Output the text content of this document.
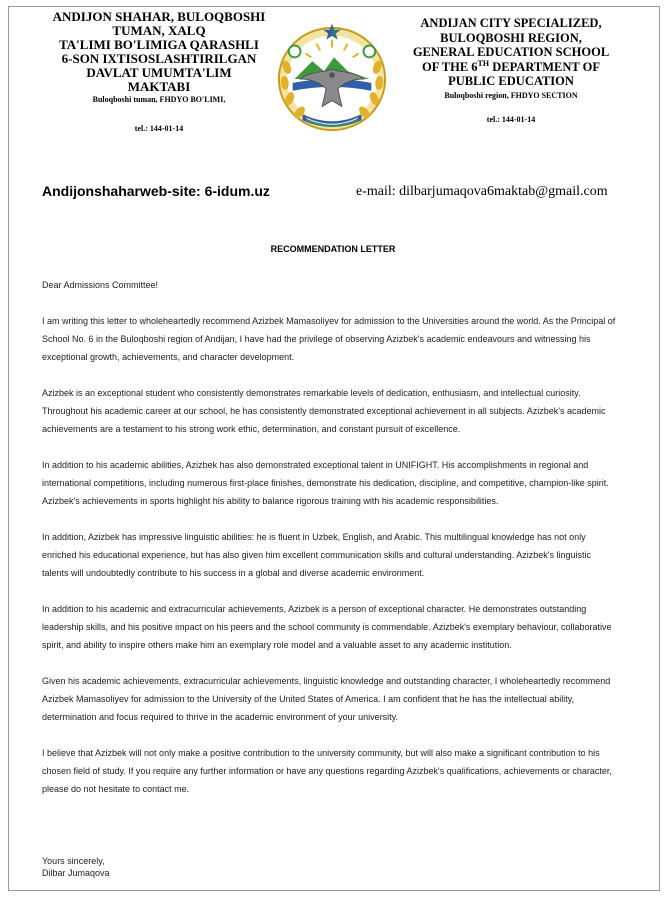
ANDIJON SHAHAR, BULOQBOSHI
TUMAN, XALQ
TA'LIMI BO'LIMIGA QARASHLI
6-SON IXTISOSLASHTIRILGAN
DAVLAT UMUMTA'LIM
MAKTABI
Buloqboshi tuman, FHDYO BO'LIMI,
tel.: 144-01-14
ANDIJAN CITY SPECIALIZED,
BULOQBOSHI REGION,
GENERAL EDUCATION SCHOOL
OF THE 6TH DEPARTMENT OF
PUBLIC EDUCATION
Buloqboshi region, FHDYO SECTION
tel.: 144-01-14
Andijonshaharweb-site: 6-idum.uz	e-mail: dilbarjumaqova6maktab@gmail.com
RECOMMENDATION LETTER

Dear Admissions Committee!

I am writing this letter to wholeheartedly recommend Azizbek Mamasoliyev for admission to the Universities around the world. As the Principal of School No. 6 in the Buloqboshi region of Andijan, I have had the privilege of observing Azizbek's academic endeavours and witnessing his exceptional growth, achievements, and character development.

Azizbek is an exceptional student who consistently demonstrates remarkable levels of dedication, enthusiasm, and intellectual curiosity. Throughout his academic career at our school, he has consistently demonstrated exceptional achievement in all subjects. Azizbek's academic achievements are a testament to his strong work ethic, determination, and constant pursuit of excellence.

In addition to his academic abilities, Azizbek has also demonstrated exceptional talent in UNIFIGHT. His accomplishments in regional and international competitions, including numerous first-place finishes, demonstrate his dedication, discipline, and competitive, champion-like spirit. Azizbek's achievements in sports highlight his ability to balance rigorous training with his academic responsibilities.

In addition, Azizbek has impressive linguistic abilities: he is fluent in Uzbek, English, and Arabic. This multilingual knowledge has not only enriched his educational experience, but has also given him excellent communication skills and cultural understanding. Azizbek's linguistic talents will undoubtedly contribute to his success in a global and diverse academic environment.

In addition to his academic and extracurricular achievements, Azizbek is a person of exceptional character. He demonstrates outstanding leadership skills, and his positive impact on his peers and the school community is commendable. Azizbek's exemplary behaviour, collaborative spirit, and ability to inspire others make him an exemplary role model and a valuable asset to any academic institution.

Given his academic achievements, extracurricular achievements, linguistic knowledge and outstanding character, I wholeheartedly recommend Azizbek Mamasoliyev for admission to the University of the United States of America. I am confident that he has the intellectual ability, determination and focus required to thrive in the academic environment of your university.

I believe that Azizbek will not only make a positive contribution to the university community, but will also make a significant contribution to his chosen field of study. If you require any further information or have any questions regarding Azizbek's qualifications, achievements or character, please do not hesitate to contact me.

Yours sincerely,
Dilbar Jumaqova
